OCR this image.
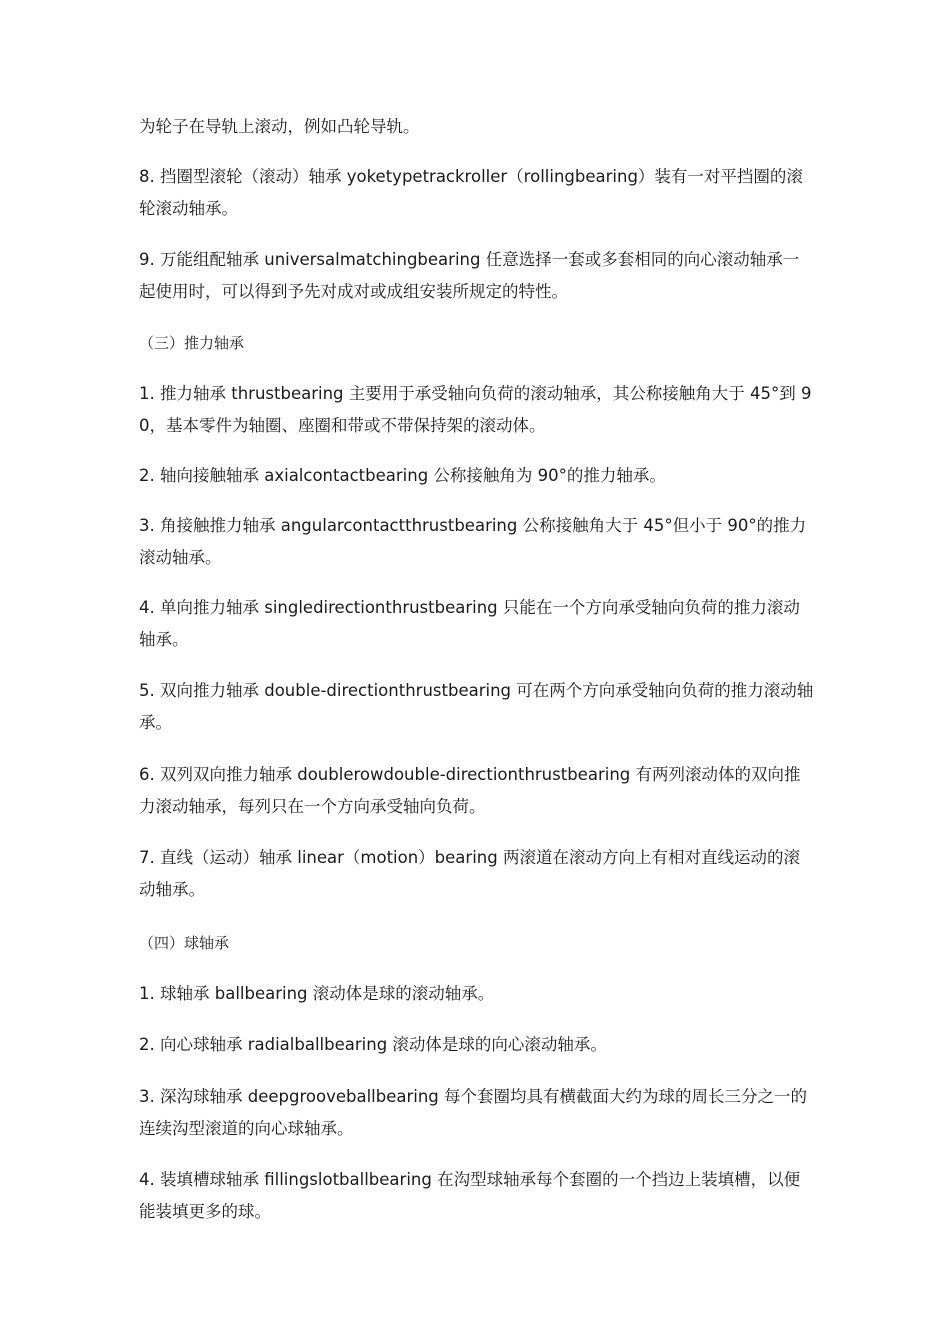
为轮子在导轨上滚动，例如凸轮导轨。

8. 挡圈型滚轮（滚动）轴承 yoketypetrackroller（rollingbearing）装有一对平挡圈的滚轮滚动轴承。

9. 万能组配轴承 universalmatchingbearing 任意选择一套或多套相同的向心滚动轴承一起使用时，可以得到予先对成对或成组安装所规定的特性。

（三）推力轴承

1. 推力轴承 thrustbearing 主要用于承受轴向负荷的滚动轴承，其公称接触角大于 45°到 90，基本零件为轴圈、座圈和带或不带保持架的滚动体。

2. 轴向接触轴承 axialcontactbearing 公称接触角为 90°的推力轴承。

3. 角接触推力轴承 angularcontactthrustbearing 公称接触角大于 45°但小于 90°的推力滚动轴承。

4. 单向推力轴承 singledirectionthrustbearing 只能在一个方向承受轴向负荷的推力滚动轴承。

5. 双向推力轴承 double-directionthrustbearing 可在两个方向承受轴向负荷的推力滚动轴承。

6. 双列双向推力轴承 doublerowdouble-directionthrustbearing 有两列滚动体的双向推力滚动轴承，每列只在一个方向承受轴向负荷。

7. 直线（运动）轴承 linear（motion）bearing 两滚道在滚动方向上有相对直线运动的滚动轴承。

（四）球轴承

1. 球轴承 ballbearing 滚动体是球的滚动轴承。

2. 向心球轴承 radialballbearing 滚动体是球的向心滚动轴承。

3. 深沟球轴承 deepgrooveballbearing 每个套圈均具有横截面大约为球的周长三分之一的连续沟型滚道的向心球轴承。

4. 装填槽球轴承 fillingslotballbearing 在沟型球轴承每个套圈的一个挡边上装填槽，以便能装填更多的球。
